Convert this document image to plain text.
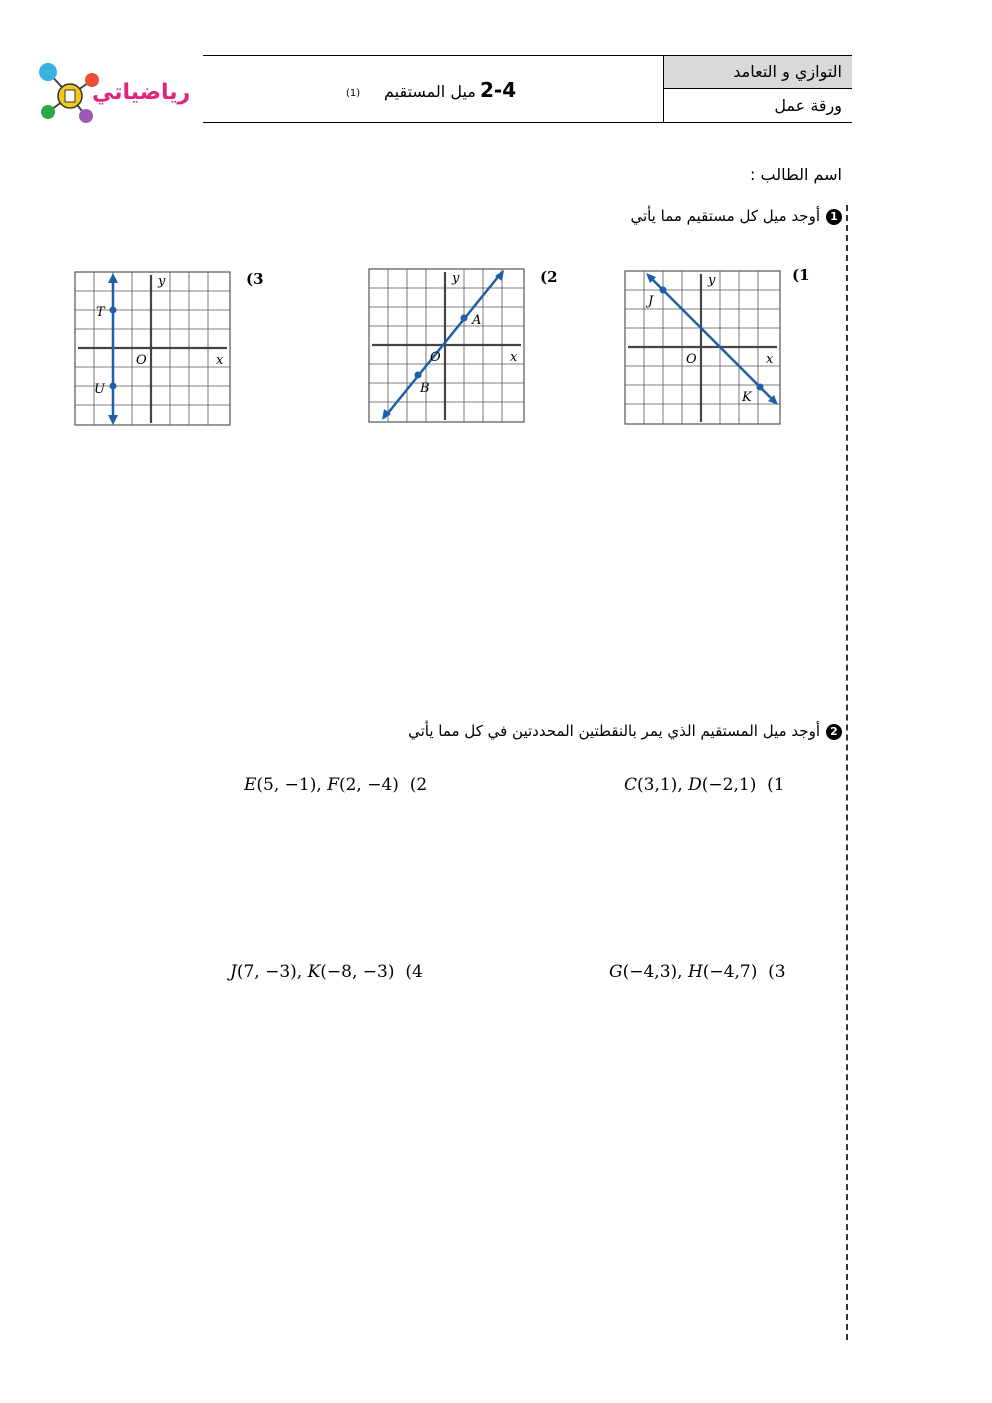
رياضياتي
التوازي و التعامد
ورقة عمل
2-4
ميل المستقيم
(1)
اسم الطالب :
1أوجد ميل كل مستقيم مما يأتي
(1
(2
(3
J
K
x
y
O
A
B
x
y
O
T
U
x
y
O
2أوجد ميل المستقيم الذي يمر بالنقطتين المحددتين في كل مما يأتي
C(3,1), D(−2,1) (1
E(5, −1), F(2, −4) (2
G(−4,3), H(−4,7) (3
J(7, −3), K(−8, −3) (4
